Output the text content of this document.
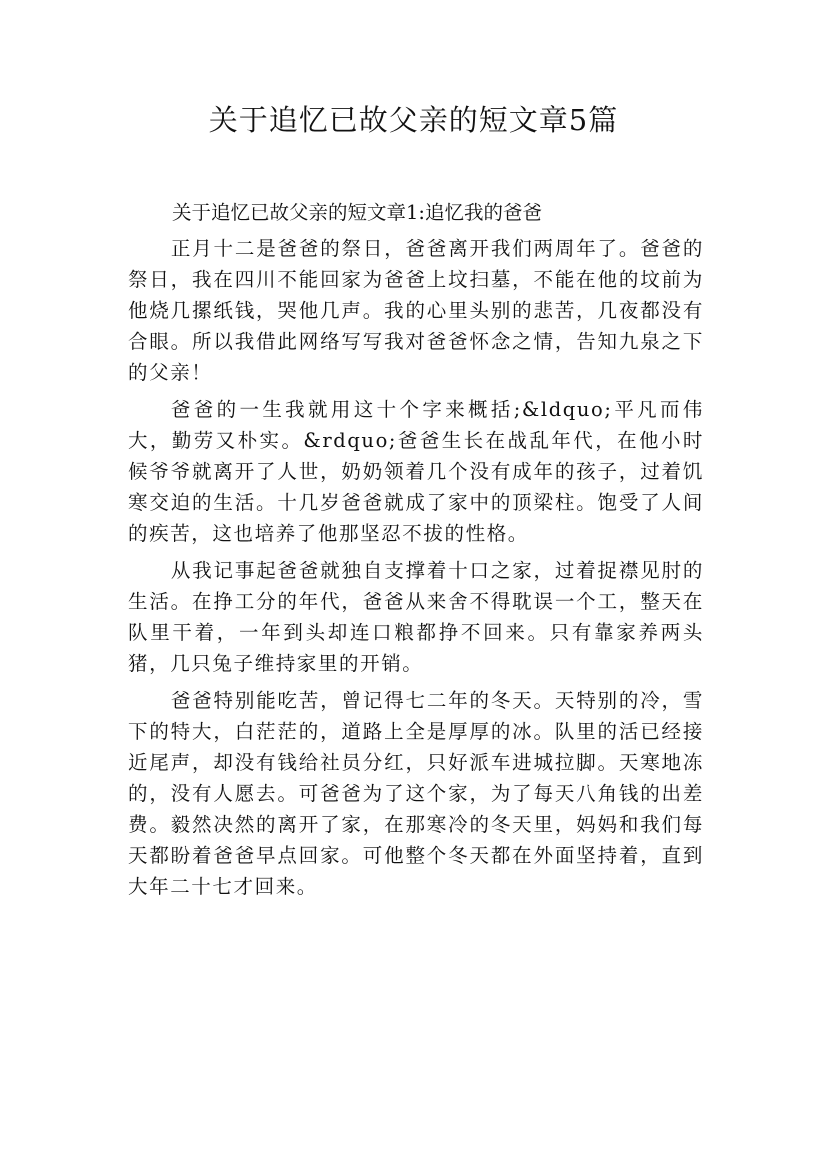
关于追忆已故父亲的短文章5篇

关于追忆已故父亲的短文章1:追忆我的爸爸

正月十二是爸爸的祭日，爸爸离开我们两周年了。爸爸的祭日，我在四川不能回家为爸爸上坟扫墓，不能在他的坟前为他烧几摞纸钱，哭他几声。我的心里头别的悲苦，几夜都没有合眼。所以我借此网络写写我对爸爸怀念之情，告知九泉之下的父亲！

爸爸的一生我就用这十个字来概括;&ldquo;平凡而伟大，勤劳又朴实。&rdquo;爸爸生长在战乱年代，在他小时候爷爷就离开了人世，奶奶领着几个没有成年的孩子，过着饥寒交迫的生活。十几岁爸爸就成了家中的顶梁柱。饱受了人间的疾苦，这也培养了他那坚忍不拔的性格。

从我记事起爸爸就独自支撑着十口之家，过着捉襟见肘的生活。在挣工分的年代，爸爸从来舍不得耽误一个工，整天在队里干着，一年到头却连口粮都挣不回来。只有靠家养两头猪，几只兔子维持家里的开销。

爸爸特别能吃苦，曾记得七二年的冬天。天特别的冷，雪下的特大，白茫茫的，道路上全是厚厚的冰。队里的活已经接近尾声，却没有钱给社员分红，只好派车进城拉脚。天寒地冻的，没有人愿去。可爸爸为了这个家，为了每天八角钱的出差费。毅然决然的离开了家，在那寒冷的冬天里，妈妈和我们每天都盼着爸爸早点回家。可他整个冬天都在外面坚持着，直到大年二十七才回来。
